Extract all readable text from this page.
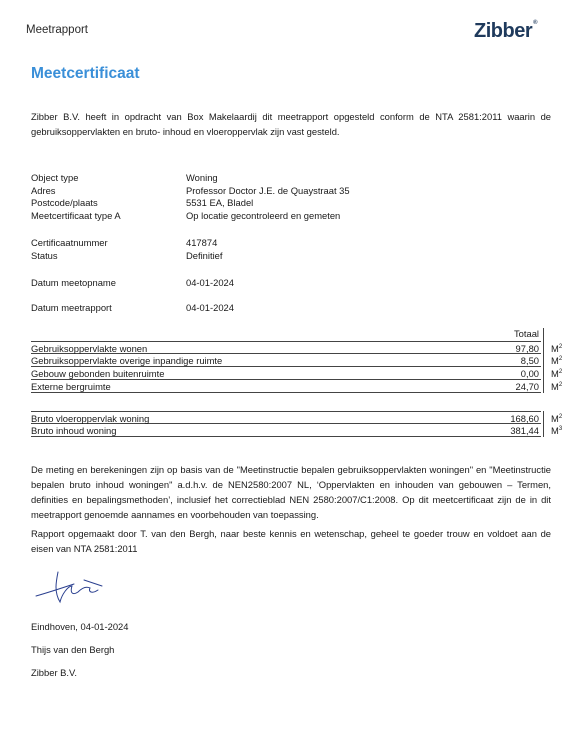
Meetrapport	Zibber®
Meetcertificaat
Zibber B.V. heeft in opdracht van Box Makelaardij dit meetrapport opgesteld conform de NTA 2581:2011 waarin de gebruiksoppervlakten en bruto- inhoud en vloeroppervlak zijn vast gesteld.
Object type	Woning
Adres	Professor Doctor J.E. de Quaystraat 35
Postcode/plaats	5531 EA, Bladel
Meetcertificaat type A	Op locatie gecontroleerd en gemeten
Certificaatnummer	417874
Status	Definitief
Datum meetopname	04-01-2024
Datum meetrapport	04-01-2024
Totaal
Gebruiksoppervlakte wonen	97,80 $M^2$
Gebruiksoppervlakte overige inpandige ruimte	8,50 $M^2$
Gebouw gebonden buitenruimte	0,00 $M^2$
Externe bergruimte	24,70 $M^2$
Bruto vloeroppervlak woning	168,60 $M^2$
Bruto inhoud woning	381,44 $M^3$
De meting en berekeningen zijn op basis van de "Meetinstructie bepalen gebruiksoppervlakten woningen" en "Meetinstructie bepalen bruto inhoud woningen" a.d.h.v. de NEN2580:2007 NL, ‘Oppervlakten en inhouden van gebouwen – Termen, definities en bepalingsmethoden’, inclusief het correctieblad NEN 2580:2007/C1:2008. Op dit meetcertificaat zijn de in dit meetrapport genoemde aannames en voorbehouden van toepassing.
Rapport opgemaakt door T. van den Bergh, naar beste kennis en wetenschap, geheel te goeder trouw en voldoet aan de eisen van NTA 2581:2011
Eindhoven, 04-01-2024
Thijs van den Bergh
Zibber B.V.
